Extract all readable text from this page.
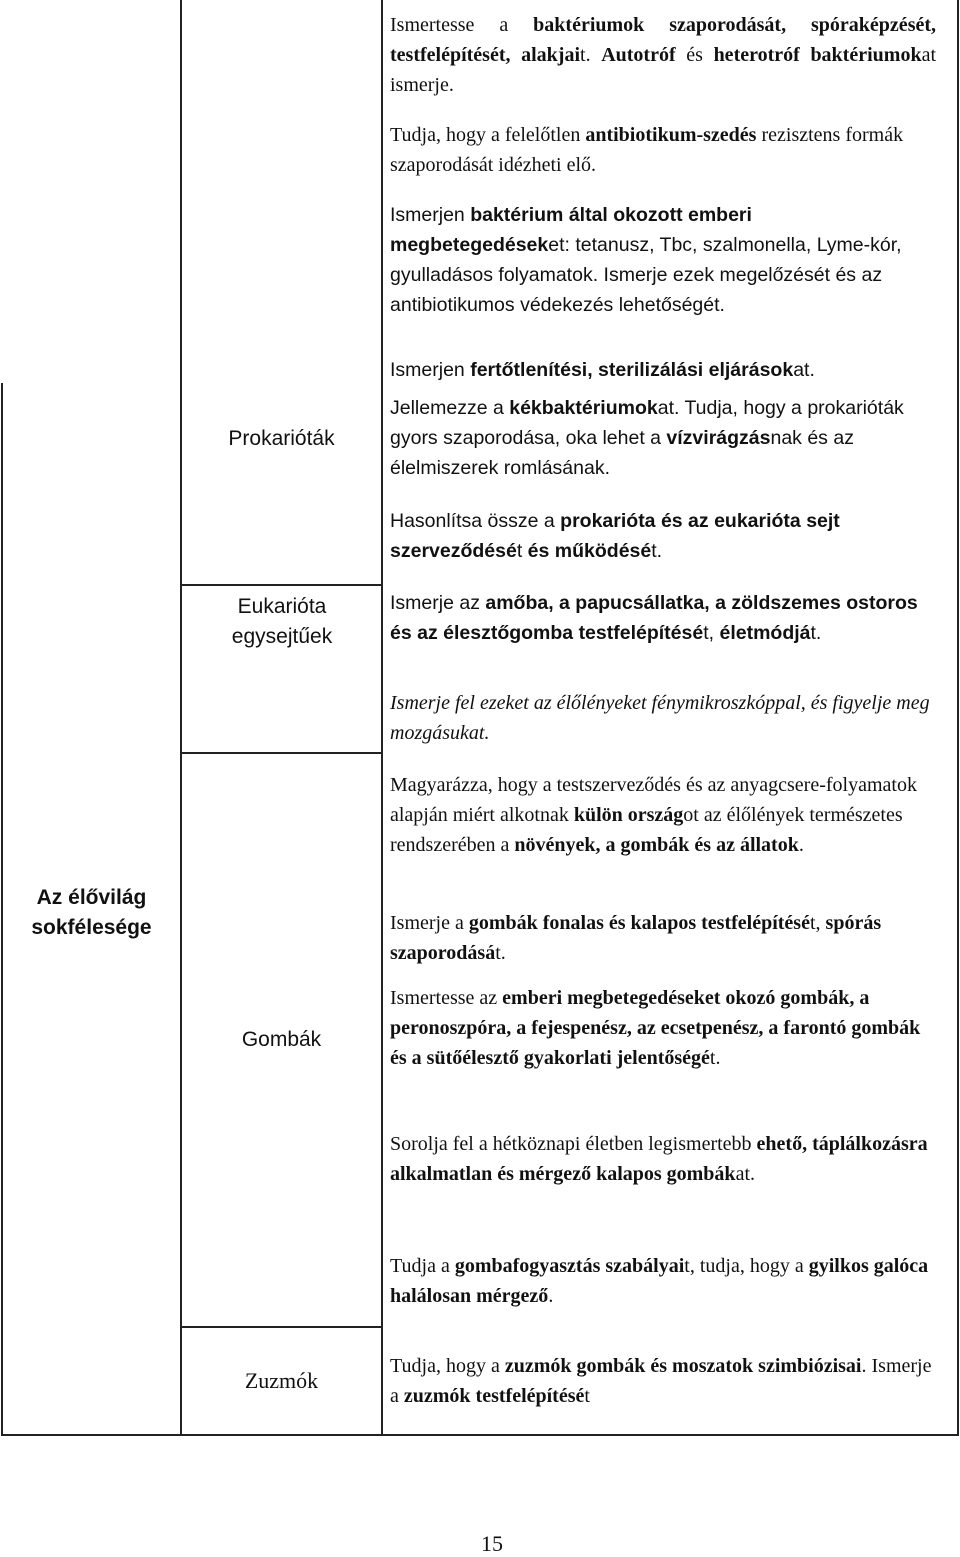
Az élővilág sokfélesége
Prokarióták
Eukarióta egysejtűek
Gombák
Zuzmók
Ismertesse a baktériumok szaporodását, spóraképzését, testfelépítését, alakjait. Autotróf és heterotróf baktériumokat ismerje.
Tudja, hogy a felelőtlen antibiotikum-szedés rezisztens formák szaporodását idézheti elő.
Ismerjen baktérium által okozott emberi megbetegedéseket: tetanusz, Tbc, szalmonella, Lyme-kór, gyulladásos folyamatok. Ismerje ezek megelőzését és az antibiotikumos védekezés lehetőségét.
Ismerjen fertőtlenítési, sterilizálási eljárásokat.
Jellemezze a kékbaktériumokat. Tudja, hogy a prokarióták gyors szaporodása, oka lehet a vízvirágzásnak és az élelmiszerek romlásának.
Hasonlítsa össze a prokarióta és az eukarióta sejt szerveződését és működését.
Ismerje az amőba, a papucsállatka, a zöldszemes ostoros és az élesztőgomba testfelépítését, életmódját.
Ismerje fel ezeket az élőlényeket fénymikroszkóppal, és figyelje meg mozgásukat.
Magyarázza, hogy a testszerveződés és az anyagcsere-folyamatok alapján miért alkotnak külön országot az élőlények természetes rendszerében a növények, a gombák és az állatok.
Ismerje a gombák fonalas és kalapos testfelépítését, spórás szaporodását.
Ismertesse az emberi megbetegedéseket okozó gombák, a peronoszpóra, a fejespenész, az ecsetpenész, a farontó gombák és a sütőélesztő gyakorlati jelentőségét.
Sorolja fel a hétköznapi életben legismertebb ehető, táplálkozásra alkalmatlan és mérgező kalapos gombákat.
Tudja a gombafogyasztás szabályait, tudja, hogy a gyilkos galóca halálosan mérgező.
Tudja, hogy a zuzmók gombák és moszatok szimbiózisai. Ismerje a zuzmók testfelépítését
15
